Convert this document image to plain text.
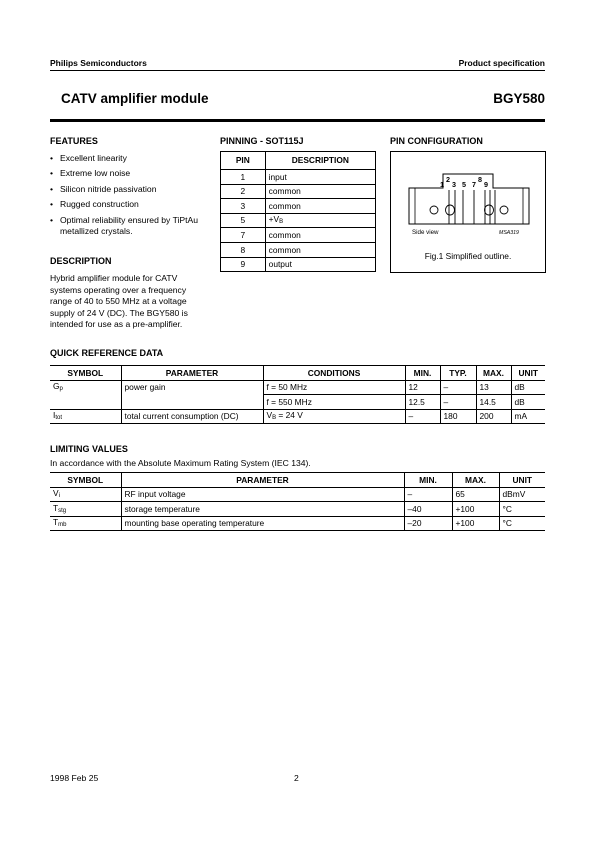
Philips Semiconductors	Product specification
CATV amplifier module	BGY580
FEATURES
• Excellent linearity
• Extreme low noise
• Silicon nitride passivation
• Rugged construction
• Optimal reliability ensured by TiPtAu metallized crystals.
DESCRIPTION
Hybrid amplifier module for CATV systems operating over a frequency range of 40 to 550 MHz at a voltage supply of 24 V (DC). The BGY580 is intended for use as a pre-amplifier.
PINNING - SOT115J
PIN	DESCRIPTION
1	input
2	common
3	common
5	$+V_B$
7	common
8	common
9	output
PIN CONFIGURATION
123 5 789
Side view	MSA319
Fig.1 Simplified outline.
QUICK REFERENCE DATA
SYMBOL	PARAMETER	CONDITIONS	MIN.	TYP.	MAX.	UNIT
$G_p$	power gain	f = 50 MHz	12	–	13	dB
		f = 550 MHz	12.5	–	14.5	dB
$I_{tot}$	total current consumption (DC)	$V_B = 24$ V	–	180	200	mA
LIMITING VALUES
In accordance with the Absolute Maximum Rating System (IEC 134).
SYMBOL	PARAMETER	MIN.	MAX.	UNIT
$V_i$	RF input voltage	–	65	dBmV
$T_{stg}$	storage temperature	–40	+100	°C
$T_{mb}$	mounting base operating temperature	–20	+100	°C
1998 Feb 25	2
